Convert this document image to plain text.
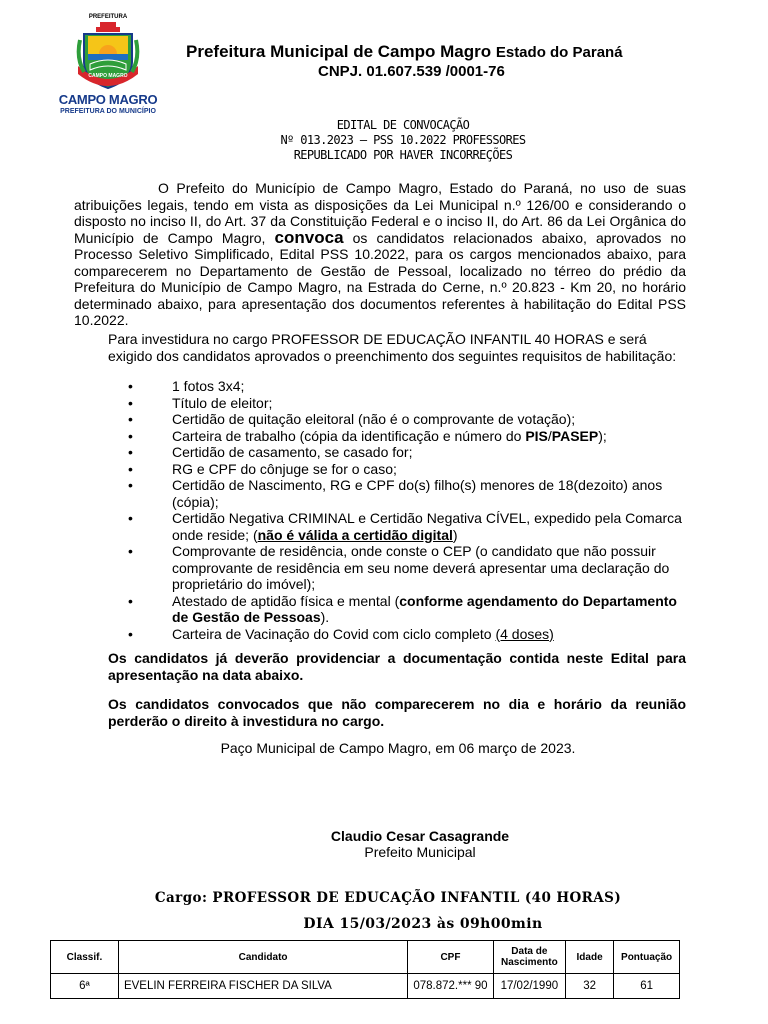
PREFEITURA
CAMPO MAGRO
CAMPO MAGRO
PREFEITURA DO MUNICÍPIO
Prefeitura Municipal de Campo Magro Estado do Paraná
CNPJ. 01.607.539 /0001-76
EDITAL DE CONVOCAÇÃO
Nº 013.2023 – PSS 10.2022 PROFESSORES
REPUBLICADO POR HAVER INCORREÇÕES
O Prefeito do Município de Campo Magro, Estado do Paraná, no uso de suas atribuições legais, tendo em vista as disposições da Lei Municipal n.º 126/00 e considerando o disposto no inciso II, do Art. 37 da Constituição Federal e o inciso II, do Art. 86 da Lei Orgânica do Município de Campo Magro, convoca os candidatos relacionados abaixo, aprovados no Processo Seletivo Simplificado, Edital PSS 10.2022, para os cargos mencionados abaixo, para comparecerem no Departamento de Gestão de Pessoal, localizado no térreo do prédio da Prefeitura do Município de Campo Magro, na Estrada do Cerne, n.º 20.823 - Km 20, no horário determinado abaixo, para apresentação dos documentos referentes à habilitação do Edital PSS 10.2022.
Para investidura no cargo PROFESSOR DE EDUCAÇÃO INFANTIL 40 HORAS e será exigido dos candidatos aprovados o preenchimento dos seguintes requisitos de habilitação:
• 1 fotos 3x4;
• Título de eleitor;
• Certidão de quitação eleitoral (não é o comprovante de votação);
• Carteira de trabalho (cópia da identificação e número do PIS/PASEP);
• Certidão de casamento, se casado for;
• RG e CPF do cônjuge se for o caso;
• Certidão de Nascimento, RG e CPF do(s) filho(s) menores de 18(dezoito) anos (cópia);
• Certidão Negativa CRIMINAL e Certidão Negativa CÍVEL, expedido pela Comarca onde reside; (não é válida a certidão digital)
• Comprovante de residência, onde conste o CEP (o candidato que não possuir comprovante de residência em seu nome deverá apresentar uma declaração do proprietário do imóvel);
• Atestado de aptidão física e mental (conforme agendamento do Departamento de Gestão de Pessoas).
• Carteira de Vacinação do Covid com ciclo completo (4 doses)
Os candidatos já deverão providenciar a documentação contida neste Edital para apresentação na data abaixo.
Os candidatos convocados que não comparecerem no dia e horário da reunião perderão o direito à investidura no cargo.
Paço Municipal de Campo Magro, em 06 março de 2023.
Claudio Cesar Casagrande
Prefeito Municipal
Cargo: PROFESSOR DE EDUCAÇÃO INFANTIL (40 HORAS)
DIA 15/03/2023 às 09h00min
Classif.	Candidato	CPF	Data de Nascimento	Idade	Pontuação
6ª	EVELIN FERREIRA FISCHER DA SILVA	078.872.*** 90	17/02/1990	32	61
